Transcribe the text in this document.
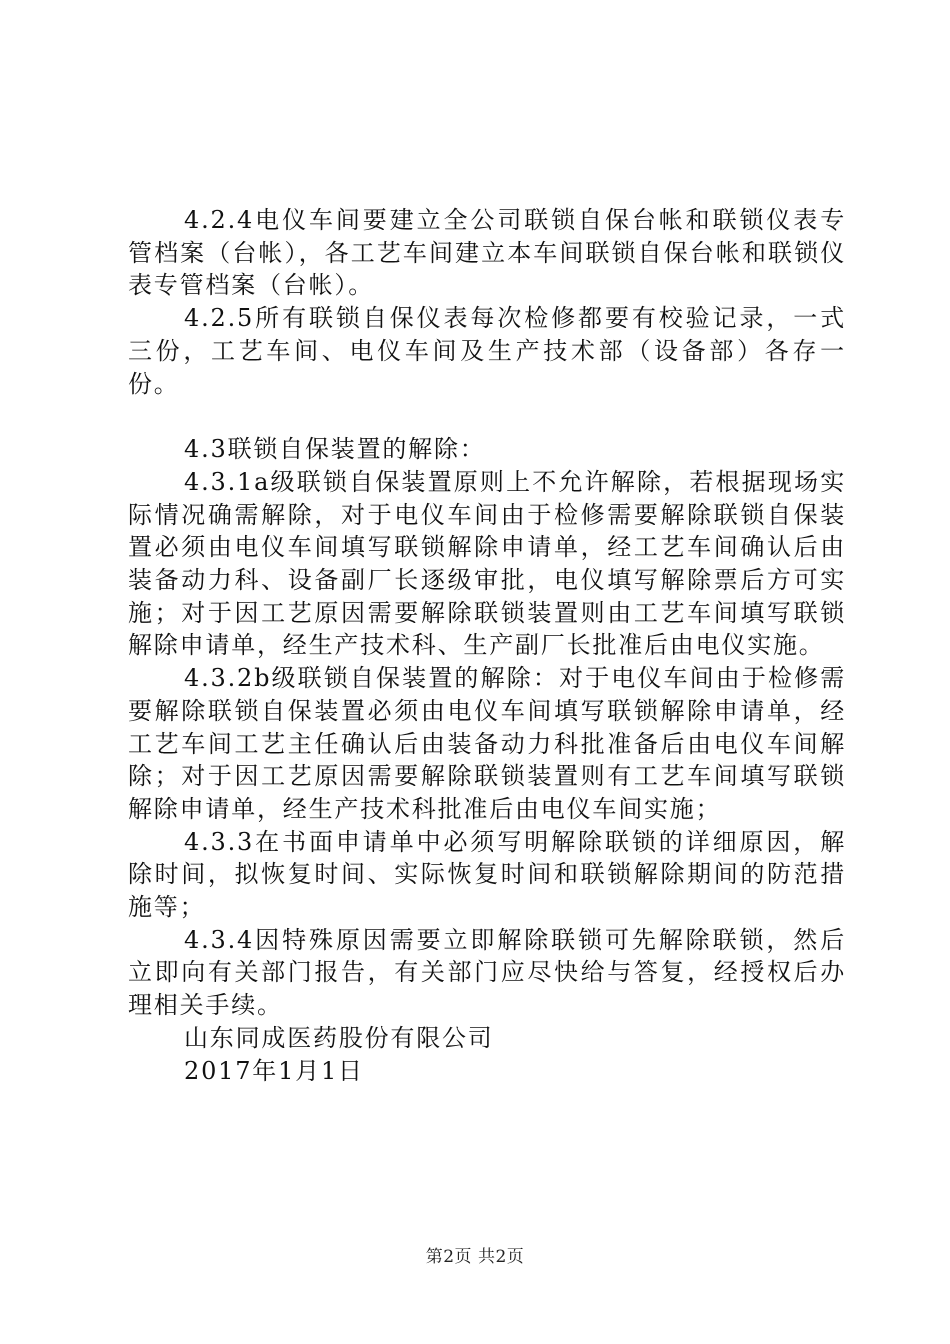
4.2.4电仪车间要建立全公司联锁自保台帐和联锁仪表专管档案（台帐），各工艺车间建立本车间联锁自保台帐和联锁仪表专管档案（台帐）。

4.2.5所有联锁自保仪表每次检修都要有校验记录，一式三份，工艺车间、电仪车间及生产技术部（设备部）各存一份。

4.3联锁自保装置的解除：

4.3.1a级联锁自保装置原则上不允许解除，若根据现场实际情况确需解除，对于电仪车间由于检修需要解除联锁自保装置必须由电仪车间填写联锁解除申请单，经工艺车间确认后由装备动力科、设备副厂长逐级审批，电仪填写解除票后方可实施；对于因工艺原因需要解除联锁装置则由工艺车间填写联锁解除申请单，经生产技术科、生产副厂长批准后由电仪实施。

4.3.2b级联锁自保装置的解除：对于电仪车间由于检修需要解除联锁自保装置必须由电仪车间填写联锁解除申请单，经工艺车间工艺主任确认后由装备动力科批准备后由电仪车间解除；对于因工艺原因需要解除联锁装置则有工艺车间填写联锁解除申请单，经生产技术科批准后由电仪车间实施；

4.3.3在书面申请单中必须写明解除联锁的详细原因，解除时间，拟恢复时间、实际恢复时间和联锁解除期间的防范措施等；

4.3.4因特殊原因需要立即解除联锁可先解除联锁，然后立即向有关部门报告，有关部门应尽快给与答复，经授权后办理相关手续。

山东同成医药股份有限公司

2017年1月1日

第2页 共2页
